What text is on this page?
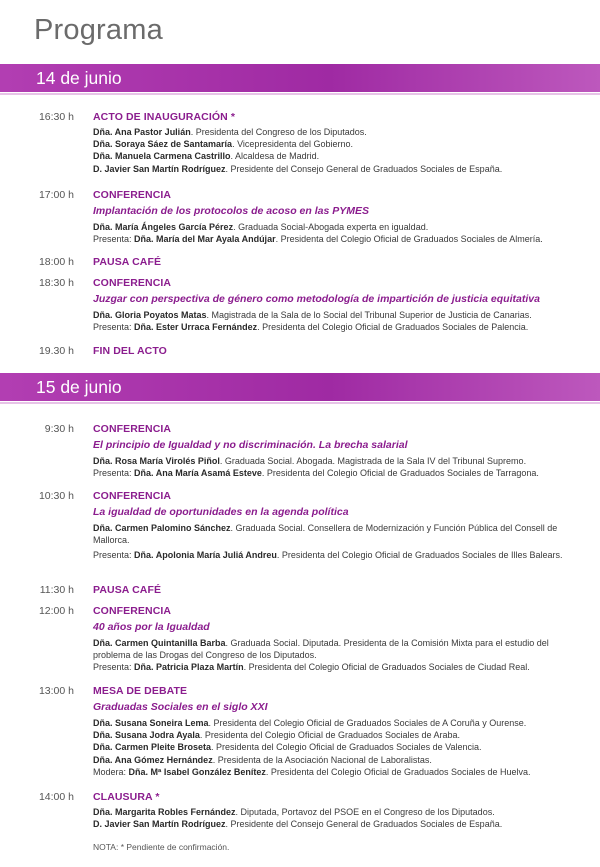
Programa
14 de junio
16:30 h ACTO DE INAUGURACIÓN *
Dña. Ana Pastor Julián. Presidenta del Congreso de los Diputados.
Dña. Soraya Sáez de Santamaría. Vicepresidenta del Gobierno.
Dña. Manuela Carmena Castrillo. Alcaldesa de Madrid.
D. Javier San Martín Rodríguez. Presidente del Consejo General de Graduados Sociales de España.
17:00 h CONFERENCIA
Implantación de los protocolos de acoso en las PYMES
Dña. María Ángeles García Pérez. Graduada Social-Abogada experta en igualdad.
Presenta: Dña. María del Mar Ayala Andújar. Presidenta del Colegio Oficial de Graduados Sociales de Almería.
18:00 h PAUSA CAFÉ
18:30 h CONFERENCIA
Juzgar con perspectiva de género como metodología de impartición de justicia equitativa
Dña. Gloria Poyatos Matas. Magistrada de la Sala de lo Social del Tribunal Superior de Justicia de Canarias.
Presenta: Dña. Ester Urraca Fernández. Presidenta del Colegio Oficial de Graduados Sociales de Palencia.
19.30 h FIN DEL ACTO
15 de junio
9:30 h CONFERENCIA
El principio de Igualdad y no discriminación. La brecha salarial
Dña. Rosa María Virolés Piñol. Graduada Social. Abogada. Magistrada de la Sala IV del Tribunal Supremo.
Presenta: Dña. Ana María Asamá Esteve. Presidenta del Colegio Oficial de Graduados Sociales de Tarragona.
10:30 h CONFERENCIA
La igualdad de oportunidades en la agenda política
Dña. Carmen Palomino Sánchez. Graduada Social. Consellera de Modernización y Función Pública del Consell de Mallorca.
Presenta: Dña. Apolonia María Juliá Andreu. Presidenta del Colegio Oficial de Graduados Sociales de Illes Balears.
11:30 h PAUSA CAFÉ
12:00 h CONFERENCIA
40 años por la Igualdad
Dña. Carmen Quintanilla Barba. Graduada Social. Diputada. Presidenta de la Comisión Mixta para el estudio del problema de las Drogas del Congreso de los Diputados.
Presenta: Dña. Patricia Plaza Martín. Presidenta del Colegio Oficial de Graduados Sociales de Ciudad Real.
13:00 h MESA DE DEBATE
Graduadas Sociales en el siglo XXI
Dña. Susana Soneira Lema. Presidenta del Colegio Oficial de Graduados Sociales de A Coruña y Ourense.
Dña. Susana Jodra Ayala. Presidenta del Colegio Oficial de Graduados Sociales de Araba.
Dña. Carmen Pleite Broseta. Presidenta del Colegio Oficial de Graduados Sociales de Valencia.
Dña. Ana Gómez Hernández. Presidenta de la Asociación Nacional de Laboralistas.
Modera: Dña. Mª Isabel González Benítez. Presidenta del Colegio Oficial de Graduados Sociales de Huelva.
14:00 h CLAUSURA *
Dña. Margarita Robles Fernández. Diputada, Portavoz del PSOE en el Congreso de los Diputados.
D. Javier San Martín Rodríguez. Presidente del Consejo General de Graduados Sociales de España.
NOTA: * Pendiente de confirmación.
